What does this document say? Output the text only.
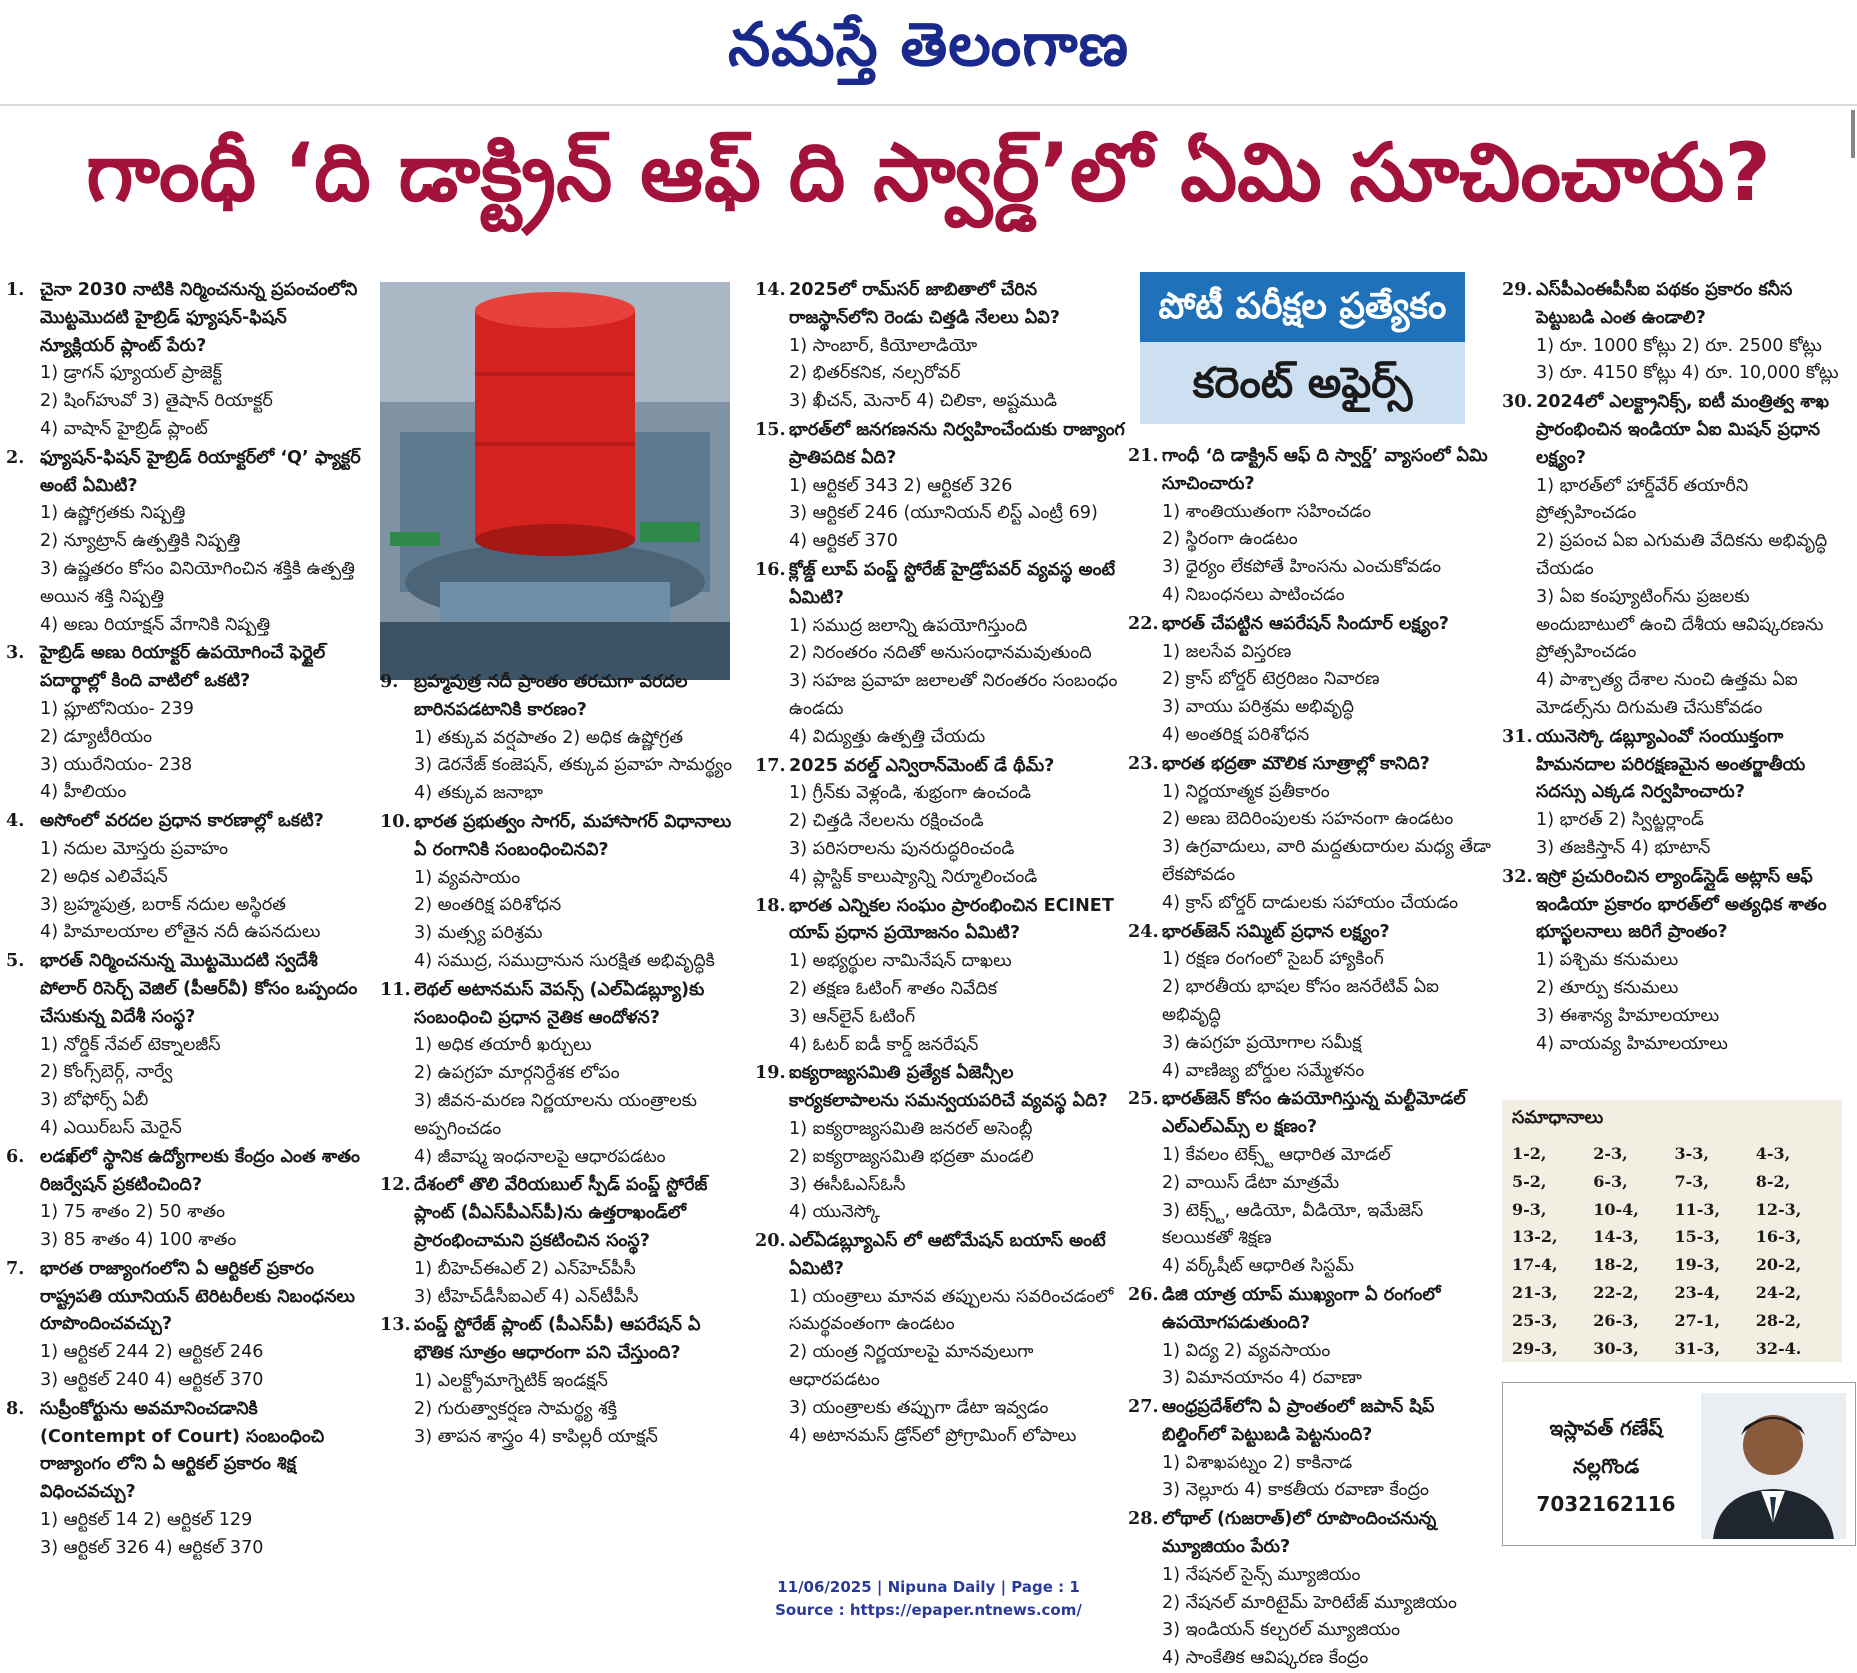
నమస్తే తెలంగాణ
గాంధీ ‘ది డాక్ట్రిన్‌ ఆఫ్‌ ది స్వార్డ్‌’లో ఏమి సూచించారు?
1. చైనా 2030 నాటికి నిర్మించనున్న ప్రపంచంలోని మొట్టమొదటి హైబ్రిడ్‌ ఫ్యూషన్‌-ఫిషన్‌ న్యూక్లియర్‌ ప్లాంట్‌ పేరు?
1) డ్రాగన్‌ ఫ్యూయల్‌ ప్రాజెక్ట్‌
2) షింగ్‌హువో 3) తైషాన్‌ రియాక్టర్‌
4) వాషాన్‌ హైబ్రిడ్‌ ప్లాంట్‌
2. ఫ్యూషన్‌-ఫిషన్‌ హైబ్రిడ్‌ రియాక్టర్‌లో ‘Q’ ఫ్యాక్టర్‌ అంటే ఏమిటి?
1) ఉష్ణోగ్రతకు నిష్పత్తి
2) న్యూట్రాన్‌ ఉత్పత్తికి నిష్పత్తి
3) ఉష్ణతరం కోసం వినియోగించిన శక్తికి ఉత్పత్తి అయిన శక్తి నిష్పత్తి
4) అణు రియాక్షన్‌ వేగానికి నిష్పత్తి
3. హైబ్రిడ్‌ అణు రియాక్టర్‌ ఉపయోగించే ఫెర్టైల్‌ పదార్థాల్లో కింది వాటిలో ఒకటి?
1) ప్లూటోనియం- 239
2) డ్యూటీరియం
3) యురేనియం- 238
4) హీలియం
4. అసోంలో వరదల ప్రధాన కారణాల్లో ఒకటి?
1) నదుల మోస్తరు ప్రవాహం
2) అధిక ఎలివేషన్‌
3) బ్రహ్మపుత్ర, బరాక్‌ నదుల అస్థిరత
4) హిమాలయాల లోతైన నదీ ఉపనదులు
5. భారత్‌ నిర్మించనున్న మొట్టమొదటి స్వదేశీ పోలార్‌ రిసెర్చ్‌ వెజిల్‌ (పీఆర్‌వీ) కోసం ఒప్పందం చేసుకున్న విదేశీ సంస్థ?
1) నోర్డిక్‌ నేవల్‌ టెక్నాలజీస్‌
2) కోంగ్స్‌బెర్గ్‌, నార్వే
3) బోఫోర్స్‌ ఏబీ
4) ఎయిర్‌బస్‌ మెరైన్‌
6. లడఖ్‌లో స్థానిక ఉద్యోగాలకు కేంద్రం ఎంత శాతం రిజర్వేషన్‌ ప్రకటించింది?
1) 75 శాతం 2) 50 శాతం
3) 85 శాతం 4) 100 శాతం
7. భారత రాజ్యాంగంలోని ఏ ఆర్టికల్‌ ప్రకారం రాష్ట్రపతి యూనియన్‌ టెరిటరీలకు నిబంధనలు రూపొందించవచ్చు?
1) ఆర్టికల్‌ 244 2) ఆర్టికల్‌ 246
3) ఆర్టికల్‌ 240 4) ఆర్టికల్‌ 370
8. సుప్రీంకోర్టును అవమానించడానికి (Contempt of Court) సంబంధించి రాజ్యాంగం లోని ఏ ఆర్టికల్‌ ప్రకారం శిక్ష విధించవచ్చు?
1) ఆర్టికల్‌ 14 2) ఆర్టికల్‌ 129
3) ఆర్టికల్‌ 326 4) ఆర్టికల్‌ 370
9. బ్రహ్మపుత్ర నదీ ప్రాంతం తరచుగా వరదల బారినపడటానికి కారణం?
1) తక్కువ వర్షపాతం 2) అధిక ఉష్ణోగ్రత
3) డెరనేజ్‌ కంజెషన్‌, తక్కువ ప్రవాహ సామర్థ్యం
4) తక్కువ జనాభా
10. భారత ప్రభుత్వం సాగర్‌, మహాసాగర్‌ విధానాలు ఏ రంగానికి సంబంధించినవి?
1) వ్యవసాయం
2) అంతరిక్ష పరిశోధన
3) మత్స్య పరిశ్రమ
4) సముద్ర, సముద్రానున సురక్షిత అభివృద్ధికి
11. లెథల్‌ అటానమస్‌ వెపన్స్‌ (ఎల్‌ఏడబ్ల్యూ)కు సంబంధించి ప్రధాన నైతిక ఆందోళన?
1) అధిక తయారీ ఖర్చులు
2) ఉపగ్రహ మార్గనిర్దేశక లోపం
3) జీవన-మరణ నిర్ణయాలను యంత్రాలకు అప్పగించడం
4) జీవాష్మ ఇంధనాలపై ఆధారపడటం
12. దేశంలో తొలి వేరియబుల్‌ స్పీడ్‌ పంప్డ్‌ స్టోరేజ్‌ ప్లాంట్‌ (వీఎస్‌పీఎస్‌పీ)ను ఉత్తరాఖండ్‌లో ప్రారంభించామని ప్రకటించిన సంస్థ?
1) బీహెచ్‌ఈఎల్‌ 2) ఎన్‌హెచ్‌పీసీ
3) టీహెచ్‌డీసీఐఎల్‌ 4) ఎన్‌టీపీసీ
13. పంప్డ్‌ స్టోరేజ్‌ ప్లాంట్‌ (పీఎస్‌పీ) ఆపరేషన్‌ ఏ భౌతిక సూత్రం ఆధారంగా పని చేస్తుంది?
1) ఎలక్ట్రోమాగ్నెటిక్‌ ఇండక్షన్‌
2) గురుత్వాకర్షణ సామర్థ్య శక్తి
3) తాపన శాస్త్రం 4) కాపిల్లరీ యాక్షన్‌
14. 2025లో రామ్‌సర్‌ జాబితాలో చేరిన రాజస్థాన్‌లోని రెండు చిత్తడి నేలలు ఏవి?
1) సాంబార్‌, కియోలాడియో
2) భితర్‌కనిక, నల్సరోవర్‌
3) ఖీచన్‌, మెనార్‌ 4) చిలికా, అష్టముడి
15. భారత్‌లో జనగణనను నిర్వహించేందుకు రాజ్యాంగ ప్రాతిపదిక ఏది?
1) ఆర్టికల్‌ 343 2) ఆర్టికల్‌ 326
3) ఆర్టికల్‌ 246 (యూనియన్‌ లిస్ట్‌ ఎంట్రీ 69)
4) ఆర్టికల్‌ 370
16. క్లోజ్డ్‌ లూప్‌ పంప్డ్‌ స్టోరేజ్‌ హైడ్రోపవర్‌ వ్యవస్థ అంటే ఏమిటి?
1) సముద్ర జలాన్ని ఉపయోగిస్తుంది
2) నిరంతరం నదితో అనుసంధానమవుతుంది
3) సహజ ప్రవాహ జలాలతో నిరంతరం సంబంధం ఉండదు
4) విద్యుత్తు ఉత్పత్తి చేయదు
17. 2025 వరల్డ్‌ ఎన్విరాన్‌మెంట్‌ డే థీమ్‌?
1) గ్రీన్‌కు వెళ్లండి, శుభ్రంగా ఉంచండి
2) చిత్తడి నేలలను రక్షించండి
3) పరిసరాలను పునరుద్ధరించండి
4) ప్లాస్టిక్‌ కాలుష్యాన్ని నిర్మూలించండి
18. భారత ఎన్నికల సంఘం ప్రారంభించిన ECINET యాప్‌ ప్రధాన ప్రయోజనం ఏమిటి?
1) అభ్యర్థుల నామినేషన్‌ దాఖలు
2) తక్షణ ఓటింగ్‌ శాతం నివేదిక
3) ఆన్‌లైన్‌ ఓటింగ్‌
4) ఓటర్‌ ఐడీ కార్డ్‌ జనరేషన్‌
19. ఐక్యరాజ్యసమితి ప్రత్యేక ఏజెన్సీల కార్యకలాపాలను సమన్వయపరిచే వ్యవస్థ ఏది?
1) ఐక్యరాజ్యసమితి జనరల్‌ అసెంబ్లీ
2) ఐక్యరాజ్యసమితి భద్రతా మండలి
3) ఈసీఓఎస్‌ఓసీ
4) యునెస్కో
20. ఎల్‌ఏడబ్ల్యూఎస్‌ లో ఆటోమేషన్‌ బయాస్‌ అంటే ఏమిటి?
1) యంత్రాలు మానవ తప్పులను సవరించడంలో సమర్థవంతంగా ఉండటం
2) యంత్ర నిర్ణయాలపై మానవులుగా ఆధారపడటం
3) యంత్రాలకు తప్పుగా డేటా ఇవ్వడం
4) అటానమస్‌ డ్రోన్‌లో ప్రోగ్రామింగ్‌ లోపాలు
పోటీ పరీక్షల ప్రత్యేకం
కరెంట్‌ అఫైర్స్‌
21. గాంధీ ‘ది డాక్ట్రిన్‌ ఆఫ్‌ ది స్వార్డ్‌’ వ్యాసంలో ఏమి సూచించారు?
1) శాంతియుతంగా సహించడం
2) స్థిరంగా ఉండటం
3) ధైర్యం లేకపోతే హింసను ఎంచుకోవడం
4) నిబంధనలు పాటించడం
22. భారత్‌ చేపట్టిన ఆపరేషన్‌ సిందూర్‌ లక్ష్యం?
1) జలసేవ విస్తరణ
2) క్రాస్‌ బోర్డర్‌ టెర్రరిజం నివారణ
3) వాయు పరిశ్రమ అభివృద్ధి
4) అంతరిక్ష పరిశోధన
23. భారత భద్రతా మౌలిక సూత్రాల్లో కానిది?
1) నిర్ణయాత్మక ప్రతీకారం
2) అణు బెదిరింపులకు సహనంగా ఉండటం
3) ఉగ్రవాదులు, వారి మద్దతుదారుల మధ్య తేడా లేకపోవడం
4) క్రాస్‌ బోర్డర్‌ దాడులకు సహాయం చేయడం
24. భారత్‌జెన్‌ సమ్మిట్‌ ప్రధాన లక్ష్యం?
1) రక్షణ రంగంలో సైబర్‌ హ్యాకింగ్‌
2) భారతీయ భాషల కోసం జనరేటివ్‌ ఏఐ అభివృద్ధి
3) ఉపగ్రహ ప్రయోగాల సమీక్ష
4) వాణిజ్య బోర్డుల సమ్మేళనం
25. భారత్‌జెన్‌ కోసం ఉపయోగిస్తున్న మల్టీమోడల్‌ ఎల్‌ఎల్‌ఎమ్స్‌ ల క్షణం?
1) కేవలం టెక్స్ట్‌ ఆధారిత మోడల్‌
2) వాయిస్‌ డేటా మాత్రమే
3) టెక్స్ట్‌, ఆడియో, వీడియో, ఇమేజెస్‌ కలయికతో శిక్షణ
4) వర్క్‌షీట్‌ ఆధారిత సిస్టమ్‌
26. డిజి యాత్ర యాప్‌ ముఖ్యంగా ఏ రంగంలో ఉపయోగపడుతుంది?
1) విద్య 2) వ్యవసాయం
3) విమానయానం 4) రవాణా
27. ఆంధ్రప్రదేశ్‌లోని ఏ ప్రాంతంలో జపాన్‌ షిప్‌ బిల్డింగ్‌లో పెట్టుబడి పెట్టనుంది?
1) విశాఖపట్నం 2) కాకినాడ
3) నెల్లూరు 4) కాకతీయ రవాణా కేంద్రం
28. లోథాల్‌ (గుజరాత్‌)లో రూపొందించనున్న మ్యూజియం పేరు?
1) నేషనల్‌ సైన్స్‌ మ్యూజియం
2) నేషనల్‌ మారిటైమ్‌ హెరిటేజ్‌ మ్యూజియం
3) ఇండియన్‌ కల్చరల్‌ మ్యూజియం
4) సాంకేతిక ఆవిష్కరణ కేంద్రం
29. ఎస్‌పీఎంఈపీసీఐ పథకం ప్రకారం కనీస పెట్టుబడి ఎంత ఉండాలి?
1) రూ. 1000 కోట్లు 2) రూ. 2500 కోట్లు
3) రూ. 4150 కోట్లు 4) రూ. 10,000 కోట్లు
30. 2024లో ఎలక్ట్రానిక్స్‌, ఐటీ మంత్రిత్వ శాఖ ప్రారంభించిన ఇండియా ఏఐ మిషన్‌ ప్రధాన లక్ష్యం?
1) భారత్‌లో హార్డ్‌వేర్‌ తయారీని ప్రోత్సహించడం
2) ప్రపంచ ఏఐ ఎగుమతి వేదికను అభివృద్ధి చేయడం
3) ఏఐ కంప్యూటింగ్‌ను ప్రజలకు అందుబాటులో ఉంచి దేశీయ ఆవిష్కరణను ప్రోత్సహించడం
4) పాశ్చాత్య దేశాల నుంచి ఉత్తమ ఏఐ మోడల్స్‌ను దిగుమతి చేసుకోవడం
31. యునెస్కో డబ్ల్యూఎంవో సంయుక్తంగా హిమనదాల పరిరక్షణమైన అంతర్జాతీయ సదస్సు ఎక్కడ నిర్వహించారు?
1) భారత్‌ 2) స్విట్జర్లాండ్‌
3) తజకిస్తాన్‌ 4) భూటాన్‌
32. ఇస్రో ప్రచురించిన ల్యాండ్‌స్లైడ్‌ అట్లాస్‌ ఆఫ్‌ ఇండియా ప్రకారం భారత్‌లో అత్యధిక శాతం భూస్ఖలనాలు జరిగే ప్రాంతం?
1) పశ్చిమ కనుమలు
2) తూర్పు కనుమలు
3) ఈశాన్య హిమాలయాలు
4) వాయవ్య హిమాలయాలు
సమాధానాలు
1-2,	2-3,	3-3,	4-3,
5-2,	6-3,	7-3,	8-2,
9-3,	10-4,	11-3,	12-3,
13-2,	14-3,	15-3,	16-3,
17-4,	18-2,	19-3,	20-2,
21-3,	22-2,	23-4,	24-2,
25-3,	26-3,	27-1,	28-2,
29-3,	30-3,	31-3,	32-4.
ఇస్లావత్‌ గణేష్‌
నల్లగొండ
7032162116
11/06/2025 | Nipuna Daily | Page : 1
Source : https://epaper.ntnews.com/
